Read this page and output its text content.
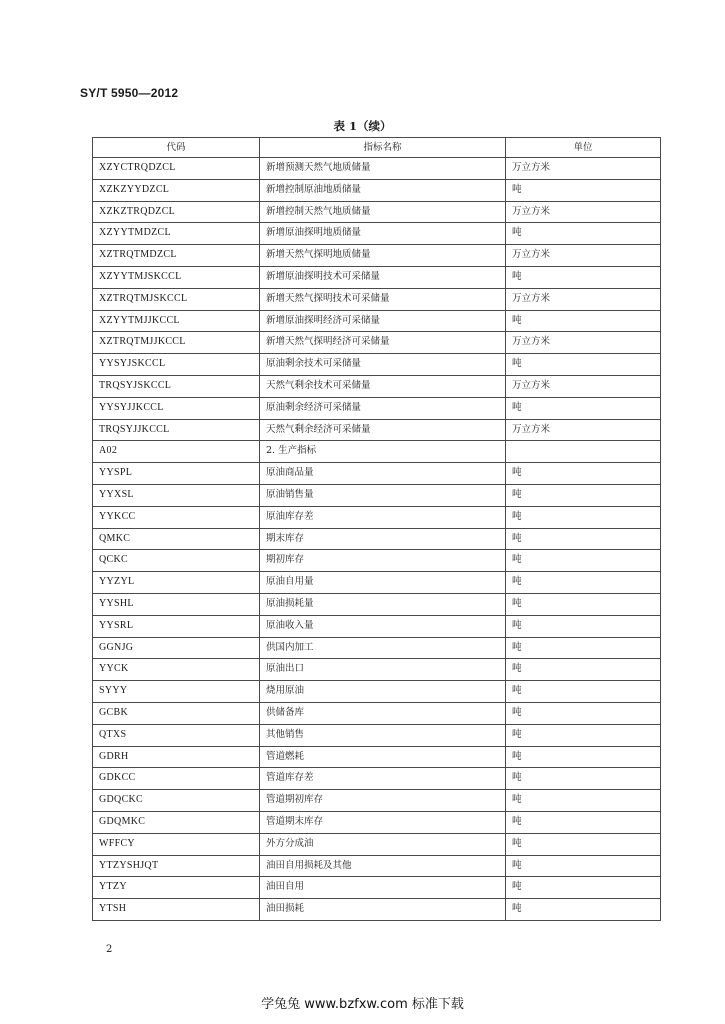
SY/T 5950—2012
表 1（续）
代码	指标名称	单位
XZYCTRQDZCL	新增预测天然气地质储量	万立方米
XZKZYYDZCL	新增控制原油地质储量	吨
XZKZTRQDZCL	新增控制天然气地质储量	万立方米
XZYYTMDZCL	新增原油探明地质储量	吨
XZTRQTMDZCL	新增天然气探明地质储量	万立方米
XZYYTMJSKCCL	新增原油探明技术可采储量	吨
XZTRQTMJSKCCL	新增天然气探明技术可采储量	万立方米
XZYYTMJJKCCL	新增原油探明经济可采储量	吨
XZTRQTMJJKCCL	新增天然气探明经济可采储量	万立方米
YYSYJSKCCL	原油剩余技术可采储量	吨
TRQSYJSKCCL	天然气剩余技术可采储量	万立方米
YYSYJJKCCL	原油剩余经济可采储量	吨
TRQSYJJKCCL	天然气剩余经济可采储量	万立方米
A02	2. 生产指标	
YYSPL	原油商品量	吨
YYXSL	原油销售量	吨
YYKCC	原油库存差	吨
QMKC	期末库存	吨
QCKC	期初库存	吨
YYZYL	原油自用量	吨
YYSHL	原油损耗量	吨
YYSRL	原油收入量	吨
GGNJG	供国内加工	吨
YYCK	原油出口	吨
SYYY	烧用原油	吨
GCBK	供储备库	吨
QTXS	其他销售	吨
GDRH	管道燃耗	吨
GDKCC	管道库存差	吨
GDQCKC	管道期初库存	吨
GDQMKC	管道期末库存	吨
WFFCY	外方分成油	吨
YTZYSHJQT	油田自用损耗及其他	吨
YTZY	油田自用	吨
YTSH	油田损耗	吨
2
学兔兔 www.bzfxw.com 标准下载
